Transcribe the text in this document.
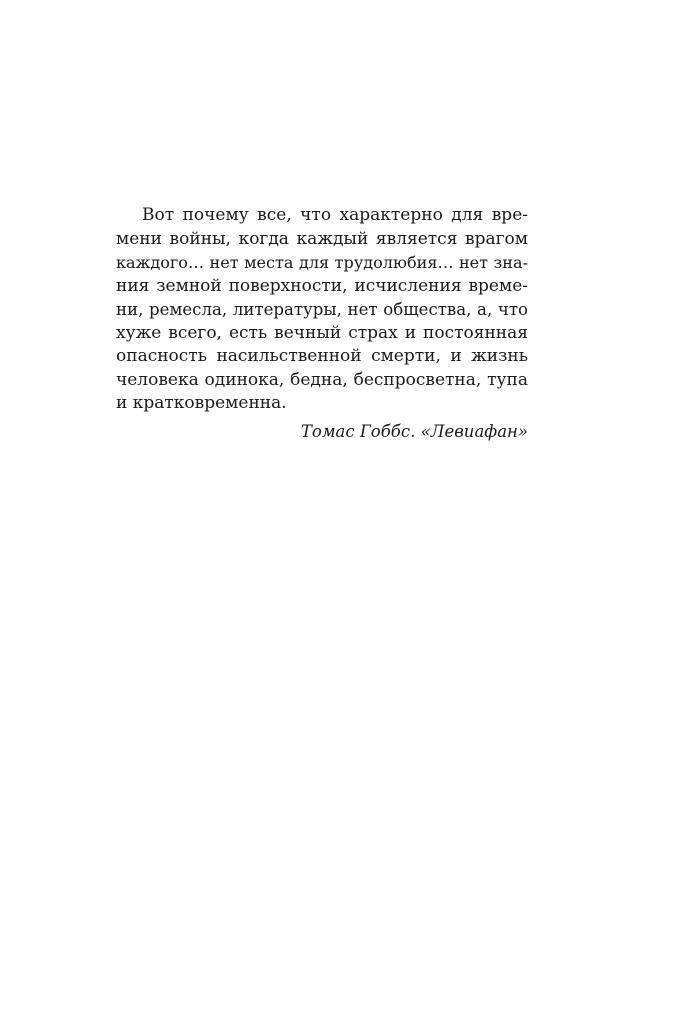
Вот почему все, что характерно для вре-
мени войны, когда каждый является врагом
каждого… нет места для трудолюбия… нет зна-
ния земной поверхности, исчисления време-
ни, ремесла, литературы, нет общества, а, что
хуже всего, есть вечный страх и постоянная
опасность насильственной смерти, и жизнь
человека одинока, бедна, беспросветна, тупа
и кратковременна.
Томас Гоббс. «Левиафан»
